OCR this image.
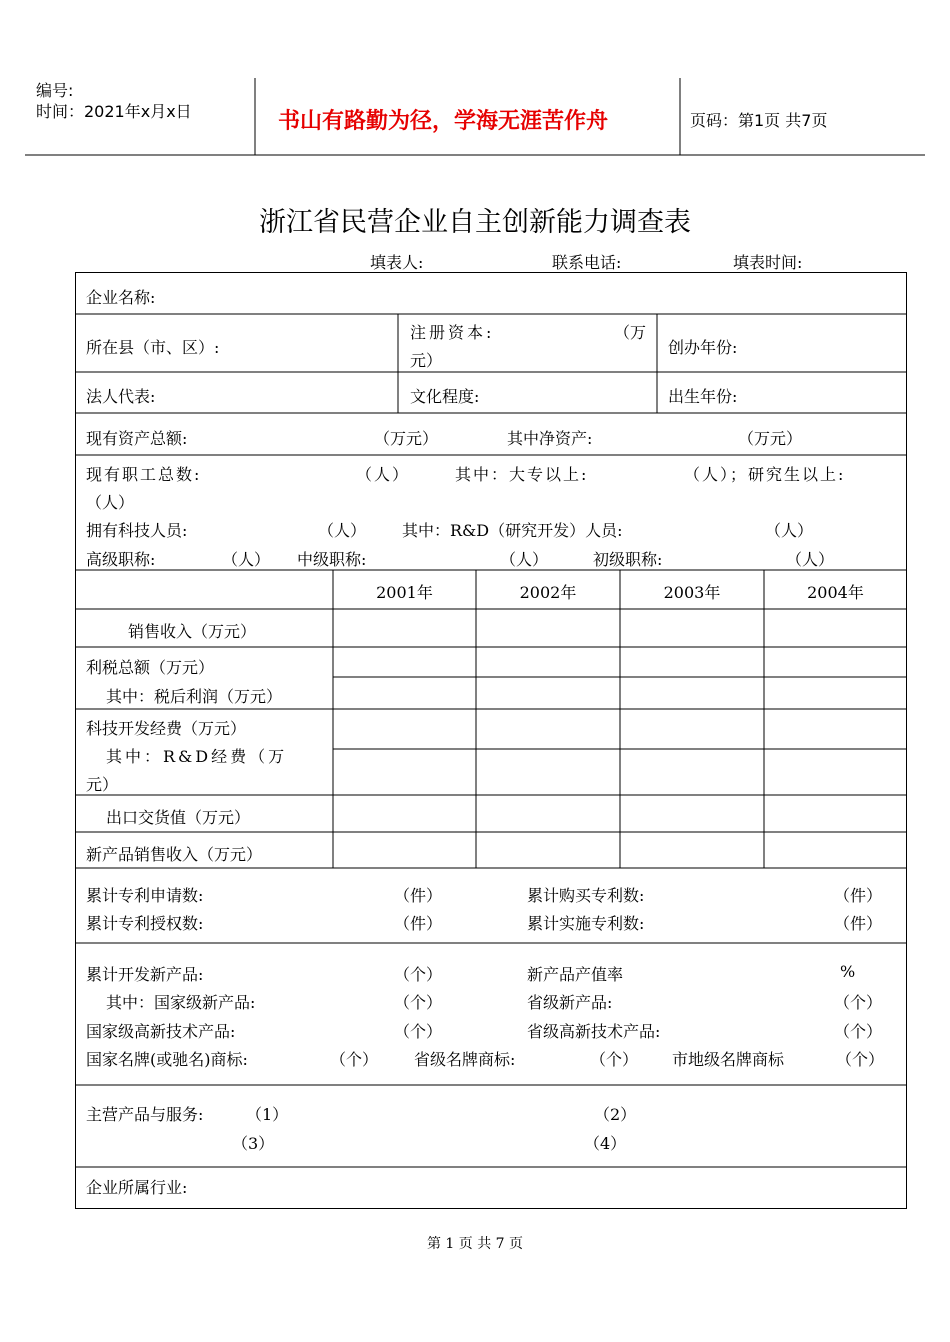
编号:
时间：2021年x月x日	书山有路勤为径，学海无涯苦作舟	页码：第1页 共7页
浙江省民营企业自主创新能力调查表
填表人:	联系电话:	填表时间:
企业名称:
所在县（市、区）:
注册资本:	（万
元）
创办年份:
法人代表:	文化程度:	出生年份:
现有资产总额:	（万元）	其中净资产:	（万元）
现有职工总数:	（人）	其中：大专以上:	（人）；研究生以上:
（人）
拥有科技人员:	（人） 其中：R&D（研究开发）人员:	（人）
高级职称:	（人） 中级职称:	（人）	初级职称:	（人）
2001年	2002年	2003年	2004年
销售收入（万元）
利税总额（万元）
其中：税后利润（万元）
科技开发经费（万元）
其中：R&D经费（万
元）
出口交货值（万元）
新产品销售收入（万元）
累计专利申请数:	（件）	累计购买专利数:	（件）
累计专利授权数:	（件）	累计实施专利数:	（件）
累计开发新产品:	（个）	新产品产值率	%
其中：国家级新产品:	（个）	省级新产品:	（个）
国家级高新技术产品:	（个）	省级高新技术产品:	（个）
国家名牌(或驰名)商标:	（个） 省级名牌商标:	（个） 市地级名牌商标	（个）
主营产品与服务:	（1）	（2）
（3）	（4）
企业所属行业:
第 1 页 共 7 页
